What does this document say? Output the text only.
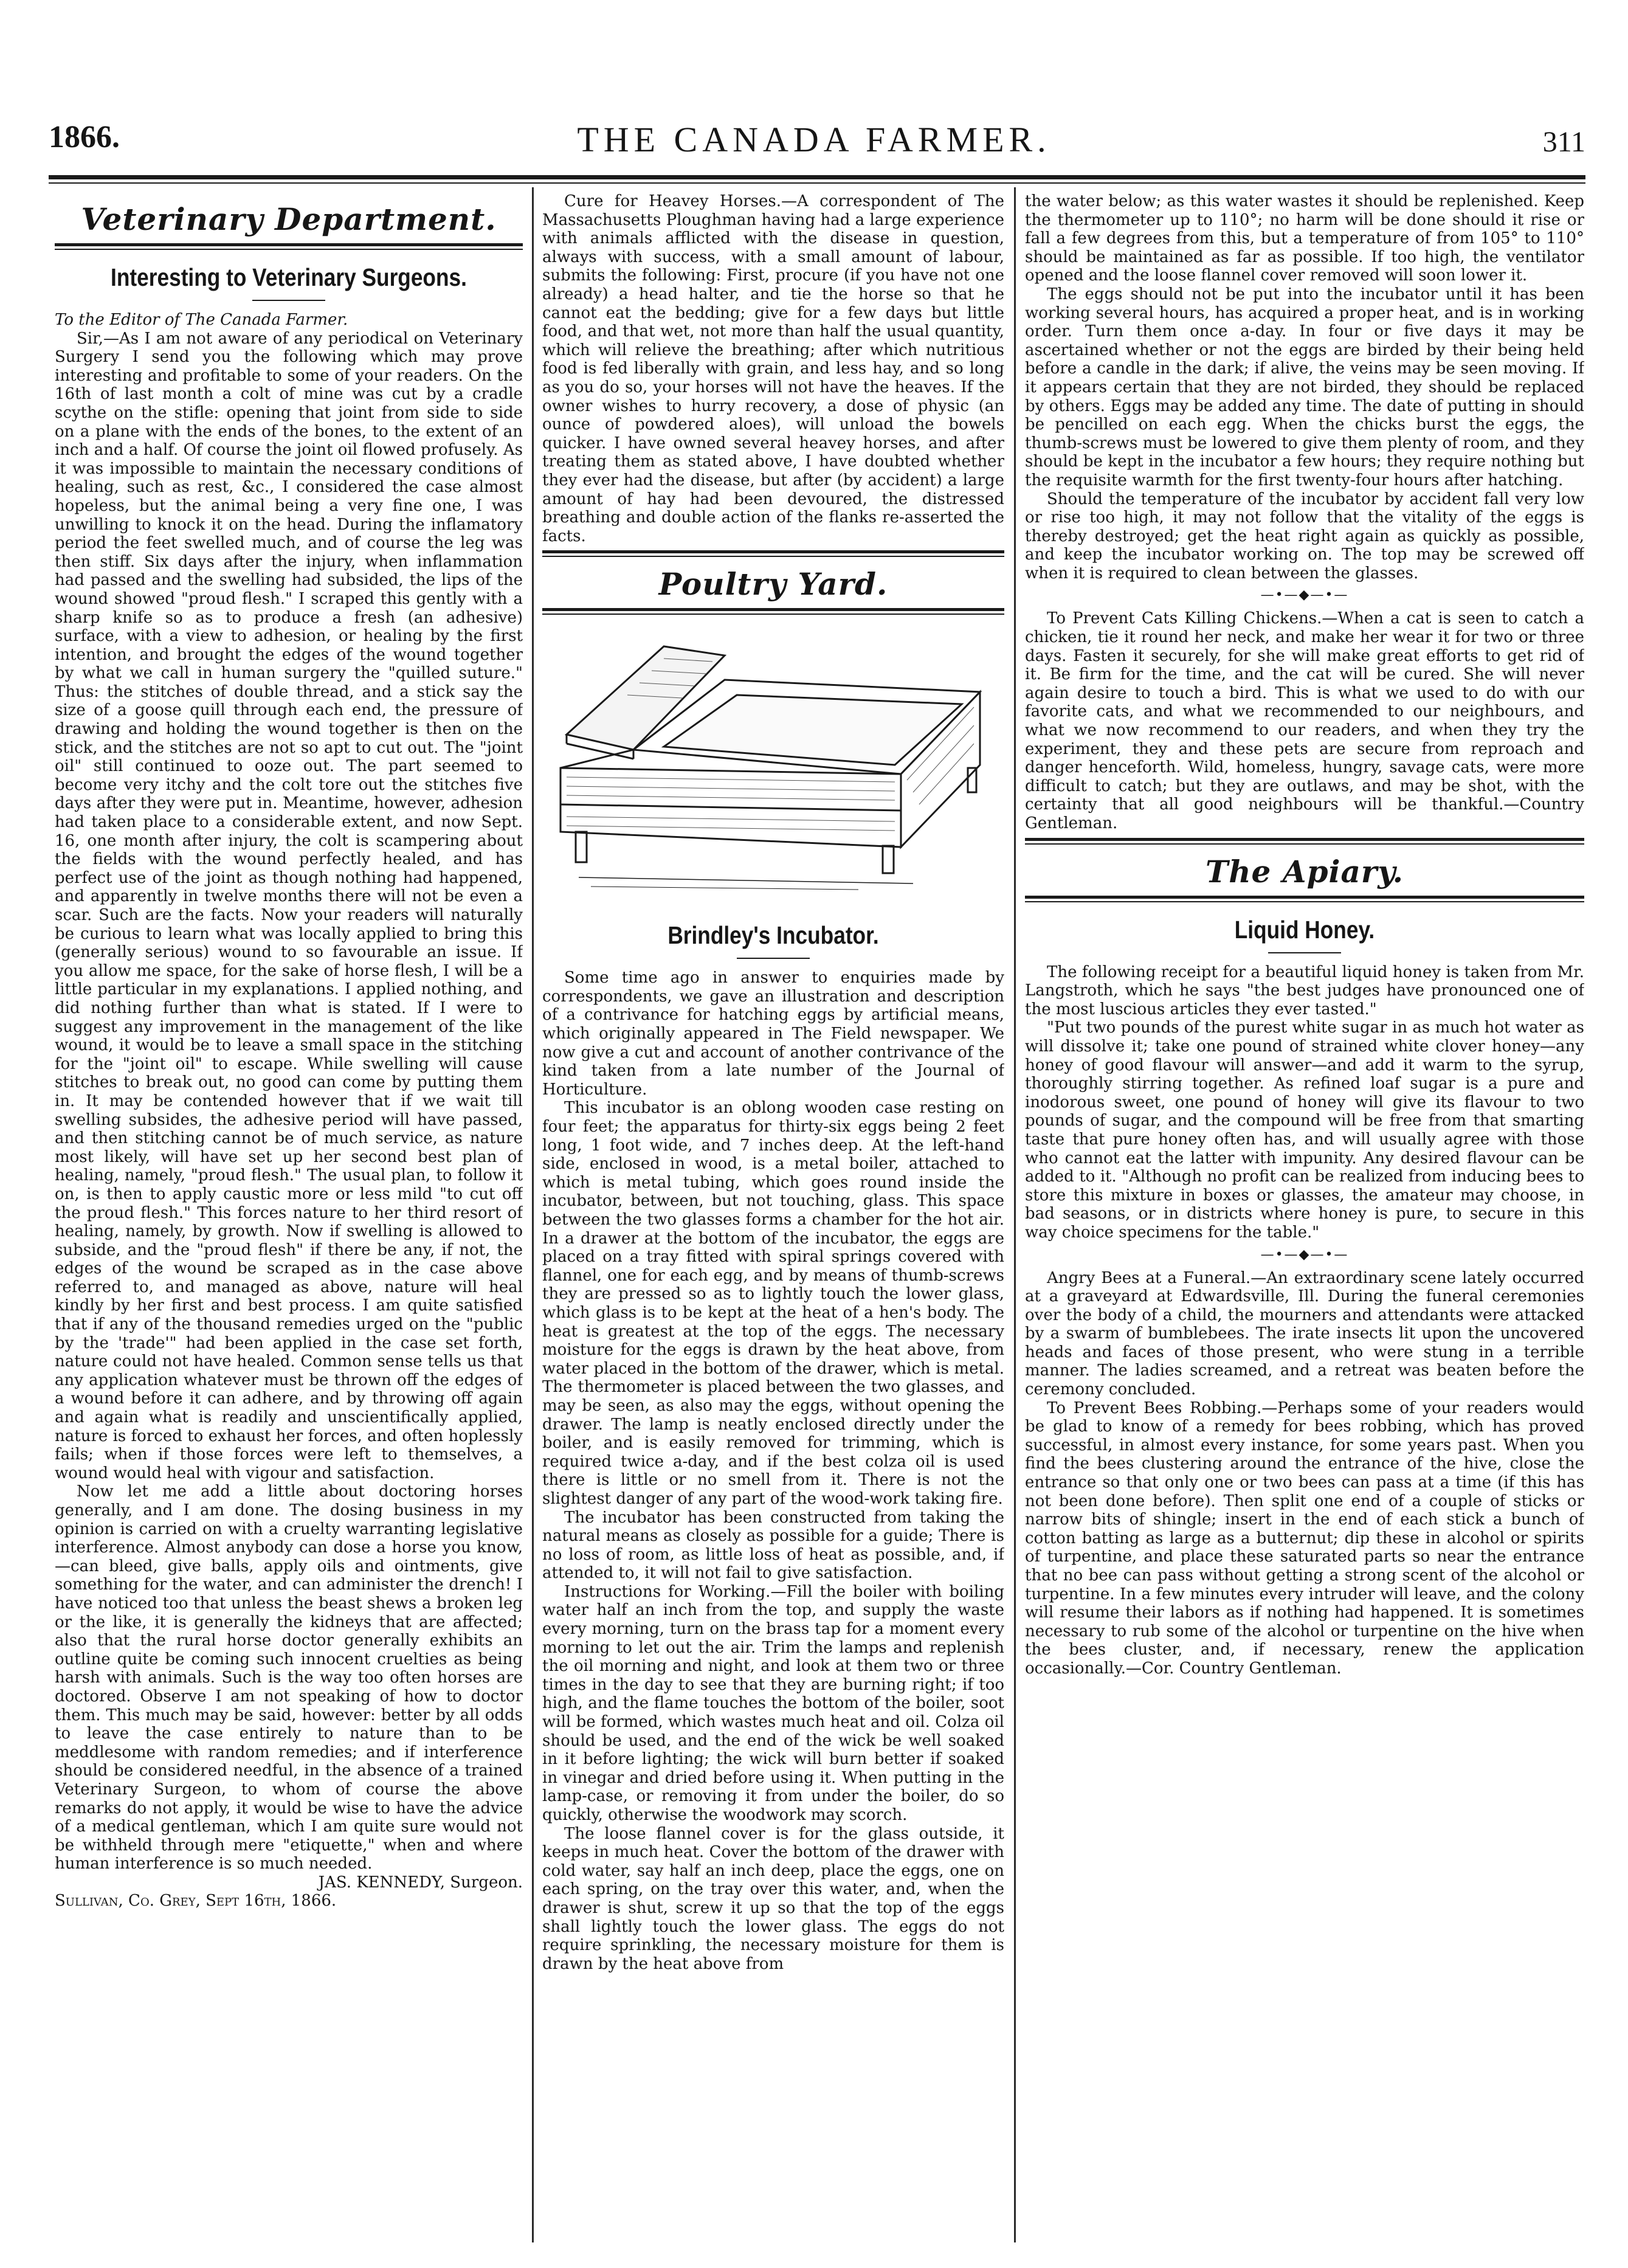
1866.	THE CANADA FARMER.	311
Veterinary Department.
Interesting to Veterinary Surgeons.

To the Editor of The Canada Farmer.

Sir,—As I am not aware of any periodical on Veterinary Surgery I send you the following which may prove interesting and profitable to some of your readers. On the 16th of last month a colt of mine was cut by a cradle scythe on the stifle: opening that joint from side to side on a plane with the ends of the bones, to the extent of an inch and a half. Of course the joint oil flowed profusely. As it was impossible to maintain the necessary conditions of healing, such as rest, &c., I considered the case almost hopeless, but the animal being a very fine one, I was unwilling to knock it on the head. During the inflamatory period the feet swelled much, and of course the leg was then stiff. Six days after the injury, when inflammation had passed and the swelling had subsided, the lips of the wound showed "proud flesh." I scraped this gently with a sharp knife so as to produce a fresh (an adhesive) surface, with a view to adhesion, or healing by the first intention, and brought the edges of the wound together by what we call in human surgery the "quilled suture." Thus: the stitches of double thread, and a stick say the size of a goose quill through each end, the pressure of drawing and holding the wound together is then on the stick, and the stitches are not so apt to cut out. The "joint oil" still continued to ooze out. The part seemed to become very itchy and the colt tore out the stitches five days after they were put in. Meantime, however, adhesion had taken place to a considerable extent, and now Sept. 16, one month after injury, the colt is scampering about the fields with the wound perfectly healed, and has perfect use of the joint as though nothing had happened, and apparently in twelve months there will not be even a scar. Such are the facts. Now your readers will naturally be curious to learn what was locally applied to bring this (generally serious) wound to so favourable an issue. If you allow me space, for the sake of horse flesh, I will be a little particular in my explanations. I applied nothing, and did nothing further than what is stated. If I were to suggest any improvement in the management of the like wound, it would be to leave a small space in the stitching for the "joint oil" to escape. While swelling will cause stitches to break out, no good can come by putting them in. It may be contended however that if we wait till swelling subsides, the adhesive period will have passed, and then stitching cannot be of much service, as nature most likely, will have set up her second best plan of healing, namely, "proud flesh." The usual plan, to follow it on, is then to apply caustic more or less mild "to cut off the proud flesh." This forces nature to her third resort of healing, namely, by growth. Now if swelling is allowed to subside, and the "proud flesh" if there be any, if not, the edges of the wound be scraped as in the case above referred to, and managed as above, nature will heal kindly by her first and best process. I am quite satisfied that if any of the thousand remedies urged on the "public by the 'trade'" had been applied in the case set forth, nature could not have healed. Common sense tells us that any application whatever must be thrown off the edges of a wound before it can adhere, and by throwing off again and again what is readily and unscientifically applied, nature is forced to exhaust her forces, and often hoplessly fails; when if those forces were left to themselves, a wound would heal with vigour and satisfaction.

Now let me add a little about doctoring horses generally, and I am done. The dosing business in my opinion is carried on with a cruelty warranting legislative interference. Almost anybody can dose a horse you know,—can bleed, give balls, apply oils and ointments, give something for the water, and can administer the drench! I have noticed too that unless the beast shews a broken leg or the like, it is generally the kidneys that are affected; also that the rural horse doctor generally exhibits an outline quite be coming such innocent cruelties as being harsh with animals. Such is the way too often horses are doctored. Observe I am not speaking of how to doctor them. This much may be said, however: better by all odds to leave the case entirely to nature than to be meddlesome with random remedies; and if interference should be considered needful, in the absence of a trained Veterinary Surgeon, to whom of course the above remarks do not apply, it would be wise to have the advice of a medical gentleman, which I am quite sure would not be withheld through mere "etiquette," when and where human interference is so much needed.

JAS. KENNEDY, Surgeon.

Sullivan, Co. Grey, Sept 16th, 1866.

Cure for Heavey Horses.—A correspondent of The Massachusetts Ploughman having had a large experience with animals afflicted with the disease in question, always with success, with a small amount of labour, submits the following: First, procure (if you have not one already) a head halter, and tie the horse so that he cannot eat the bedding; give for a few days but little food, and that wet, not more than half the usual quantity, which will relieve the breathing; after which nutritious food is fed liberally with grain, and less hay, and so long as you do so, your horses will not have the heaves. If the owner wishes to hurry recovery, a dose of physic (an ounce of powdered aloes), will unload the bowels quicker. I have owned several heavey horses, and after treating them as stated above, I have doubted whether they ever had the disease, but after (by accident) a large amount of hay had been devoured, the distressed breathing and double action of the flanks re-asserted the facts.

Poultry Yard.
Brindley's Incubator.

Some time ago in answer to enquiries made by correspondents, we gave an illustration and description of a contrivance for hatching eggs by artificial means, which originally appeared in The Field newspaper. We now give a cut and account of another contrivance of the kind taken from a late number of the Journal of Horticulture.

This incubator is an oblong wooden case resting on four feet; the apparatus for thirty-six eggs being 2 feet long, 1 foot wide, and 7 inches deep. At the left-hand side, enclosed in wood, is a metal boiler, attached to which is metal tubing, which goes round inside the incubator, between, but not touching, glass. This space between the two glasses forms a chamber for the hot air. In a drawer at the bottom of the incubator, the eggs are placed on a tray fitted with spiral springs covered with flannel, one for each egg, and by means of thumb-screws they are pressed so as to lightly touch the lower glass, which glass is to be kept at the heat of a hen's body. The heat is greatest at the top of the eggs. The necessary moisture for the eggs is drawn by the heat above, from water placed in the bottom of the drawer, which is metal. The thermometer is placed between the two glasses, and may be seen, as also may the eggs, without opening the drawer. The lamp is neatly enclosed directly under the boiler, and is easily removed for trimming, which is required twice a-day, and if the best colza oil is used there is little or no smell from it. There is not the slightest danger of any part of the wood-work taking fire.

The incubator has been constructed from taking the natural means as closely as possible for a guide; There is no loss of room, as little loss of heat as possible, and, if attended to, it will not fail to give satisfaction.

Instructions for Working.—Fill the boiler with boiling water half an inch from the top, and supply the waste every morning, turn on the brass tap for a moment every morning to let out the air. Trim the lamps and replenish the oil morning and night, and look at them two or three times in the day to see that they are burning right; if too high, and the flame touches the bottom of the boiler, soot will be formed, which wastes much heat and oil. Colza oil should be used, and the end of the wick be well soaked in it before lighting; the wick will burn better if soaked in vinegar and dried before using it. When putting in the lamp-case, or removing it from under the boiler, do so quickly, otherwise the woodwork may scorch.

The loose flannel cover is for the glass outside, it keeps in much heat. Cover the bottom of the drawer with cold water, say half an inch deep, place the eggs, one on each spring, on the tray over this water, and, when the drawer is shut, screw it up so that the top of the eggs shall lightly touch the lower glass. The eggs do not require sprinkling, the necessary moisture for them is drawn by the heat above from

the water below; as this water wastes it should be replenished. Keep the thermometer up to 110°; no harm will be done should it rise or fall a few degrees from this, but a temperature of from 105° to 110° should be maintained as far as possible. If too high, the ventilator opened and the loose flannel cover removed will soon lower it.

The eggs should not be put into the incubator until it has been working several hours, has acquired a proper heat, and is in working order. Turn them once a-day. In four or five days it may be ascertained whether or not the eggs are birded by their being held before a candle in the dark; if alive, the veins may be seen moving. If it appears certain that they are not birded, they should be replaced by others. Eggs may be added any time. The date of putting in should be pencilled on each egg. When the chicks burst the eggs, the thumb-screws must be lowered to give them plenty of room, and they should be kept in the incubator a few hours; they require nothing but the requisite warmth for the first twenty-four hours after hatching.

Should the temperature of the incubator by accident fall very low or rise too high, it may not follow that the vitality of the eggs is thereby destroyed; get the heat right again as quickly as possible, and keep the incubator working on. The top may be screwed off when it is required to clean between the glasses.

—•—◆—•—

To Prevent Cats Killing Chickens.—When a cat is seen to catch a chicken, tie it round her neck, and make her wear it for two or three days. Fasten it securely, for she will make great efforts to get rid of it. Be firm for the time, and the cat will be cured. She will never again desire to touch a bird. This is what we used to do with our favorite cats, and what we recommended to our neighbours, and what we now recommend to our readers, and when they try the experiment, they and these pets are secure from reproach and danger henceforth. Wild, homeless, hungry, savage cats, were more difficult to catch; but they are outlaws, and may be shot, with the certainty that all good neighbours will be thankful.—Country Gentleman.

The Apiary.
Liquid Honey.

The following receipt for a beautiful liquid honey is taken from Mr. Langstroth, which he says "the best judges have pronounced one of the most luscious articles they ever tasted."

"Put two pounds of the purest white sugar in as much hot water as will dissolve it; take one pound of strained white clover honey—any honey of good flavour will answer—and add it warm to the syrup, thoroughly stirring together. As refined loaf sugar is a pure and inodorous sweet, one pound of honey will give its flavour to two pounds of sugar, and the compound will be free from that smarting taste that pure honey often has, and will usually agree with those who cannot eat the latter with impunity. Any desired flavour can be added to it. "Although no profit can be realized from inducing bees to store this mixture in boxes or glasses, the amateur may choose, in bad seasons, or in districts where honey is pure, to secure in this way choice specimens for the table."

—•—◆—•—

Angry Bees at a Funeral.—An extraordinary scene lately occurred at a graveyard at Edwardsville, Ill. During the funeral ceremonies over the body of a child, the mourners and attendants were attacked by a swarm of bumblebees. The irate insects lit upon the uncovered heads and faces of those present, who were stung in a terrible manner. The ladies screamed, and a retreat was beaten before the ceremony concluded.

To Prevent Bees Robbing.—Perhaps some of your readers would be glad to know of a remedy for bees robbing, which has proved successful, in almost every instance, for some years past. When you find the bees clustering around the entrance of the hive, close the entrance so that only one or two bees can pass at a time (if this has not been done before). Then split one end of a couple of sticks or narrow bits of shingle; insert in the end of each stick a bunch of cotton batting as large as a butternut; dip these in alcohol or spirits of turpentine, and place these saturated parts so near the entrance that no bee can pass without getting a strong scent of the alcohol or turpentine. In a few minutes every intruder will leave, and the colony will resume their labors as if nothing had happened. It is sometimes necessary to rub some of the alcohol or turpentine on the hive when the bees cluster, and, if necessary, renew the application occasionally.—Cor. Country Gentleman.
